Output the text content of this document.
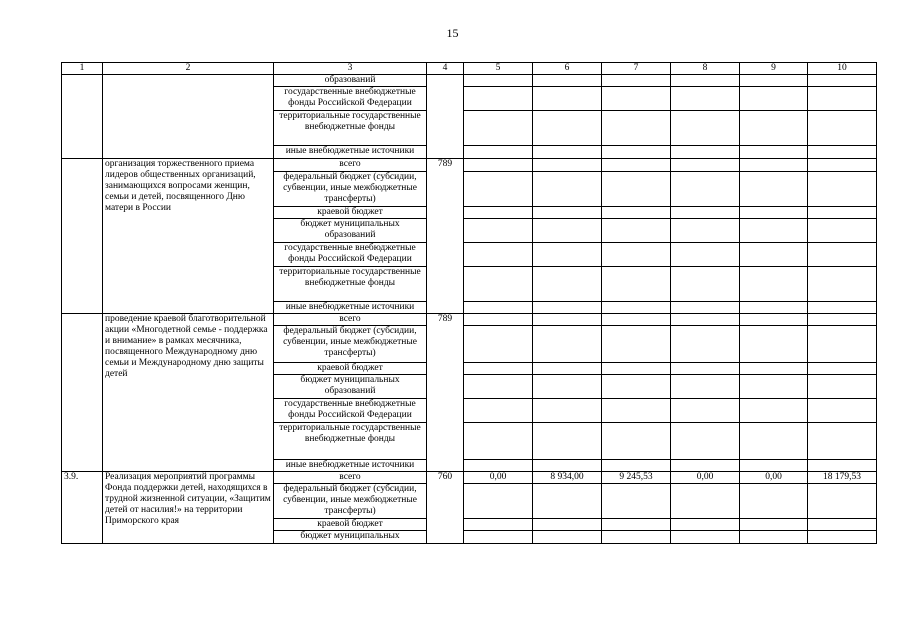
15
1	2	3	4	5	6	7	8	9	10
		образований							
		государственные внебюджетные фонды Российской Федерации							
		территориальные государственные внебюджетные фонды							
		иные внебюджетные источники							
	организация торжественного приема лидеров общественных организаций, занимающихся вопросами женщин, семьи и детей, посвященного Дню матери в России	всего	789						
		федеральный бюджет (субсидии, субвенции, иные межбюджетные трансферты)							
		краевой бюджет							
		бюджет муниципальных образований							
		государственные внебюджетные фонды Российской Федерации							
		территориальные государственные внебюджетные фонды							
		иные внебюджетные источники							
	проведение краевой благотворительной акции «Многодетной семье - поддержка и внимание» в рамках месячника, посвященного Международному дню семьи и Международному дню защиты детей	всего	789						
		федеральный бюджет (субсидии, субвенции, иные межбюджетные трансферты)							
		краевой бюджет							
		бюджет муниципальных образований							
		государственные внебюджетные фонды Российской Федерации							
		территориальные государственные внебюджетные фонды							
		иные внебюджетные источники							
3.9.	Реализация мероприятий программы Фонда поддержки детей, находящихся в трудной жизненной ситуации, «Защитим детей от насилия!» на территории Приморского края	всего	760	0,00	8 934,00	9 245,53	0,00	0,00	18 179,53
		федеральный бюджет (субсидии, субвенции, иные межбюджетные трансферты)							
		краевой бюджет							
		бюджет муниципальных							
